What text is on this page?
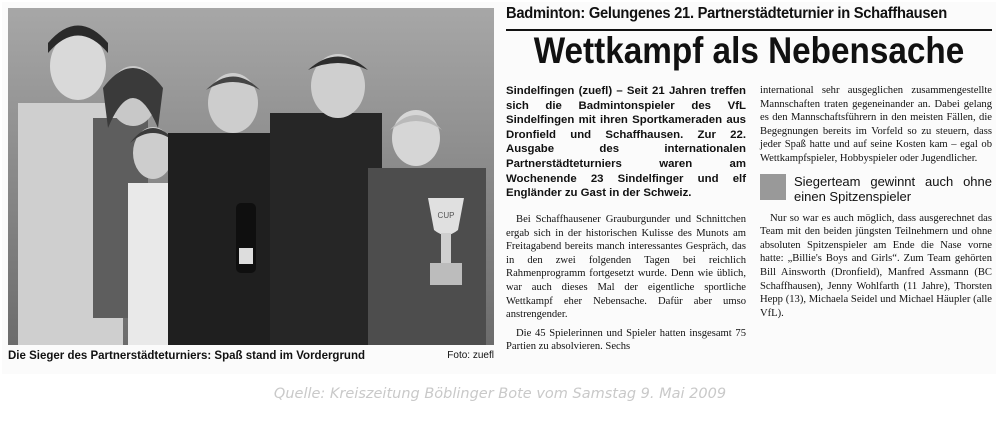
CUP
Die Sieger des Partnerstädteturniers: Spaß stand im Vordergrund	Foto: zuefl
Badminton: Gelungenes 21. Partnerstädteturnier in Schaffhausen
Wettkampf als Nebensache
Sindelfingen (zuefl) – Seit 21 Jahren treffen sich die Badmintonspieler des VfL Sindelfingen mit ihren Sportkameraden aus Dronfield und Schaffhausen. Zur 22. Ausgabe des internationalen Partnerstädteturniers waren am Wochenende 23 Sindelfinger und elf Engländer zu Gast in der Schweiz.

Bei Schaffhausener Grauburgunder und Schnittchen ergab sich in der historischen Kulisse des Munots am Freitagabend bereits manch interessantes Gespräch, das in den zwei folgenden Tagen bei reichlich Rahmenprogramm fortgesetzt wurde. Denn wie üblich, war auch dieses Mal der eigentliche sportliche Wettkampf eher Nebensache. Dafür aber umso anstrengender.

Die 45 Spielerinnen und Spieler hatten insgesamt 75 Partien zu absolvieren. Sechs

international sehr ausgeglichen zusammengestellte Mannschaften traten gegeneinander an. Dabei gelang es den Mannschaftsführern in den meisten Fällen, die Begegnungen bereits im Vorfeld so zu steuern, dass jeder Spaß hatte und auf seine Kosten kam – egal ob Wettkampfspieler, Hobbyspieler oder Jugendlicher.

Siegerteam gewinnt auch ohne einen Spitzenspieler

Nur so war es auch möglich, dass ausgerechnet das Team mit den beiden jüngsten Teilnehmern und ohne absoluten Spitzenspieler am Ende die Nase vorne hatte: „Billie's Boys and Girls“. Zum Team gehörten Bill Ainsworth (Dronfield), Manfred Assmann (BC Schaffhausen), Jenny Wohlfarth (11 Jahre), Thorsten Hepp (13), Michaela Seidel und Michael Häupler (alle VfL).

Quelle: Kreiszeitung Böblinger Bote vom Samstag 9. Mai 2009
